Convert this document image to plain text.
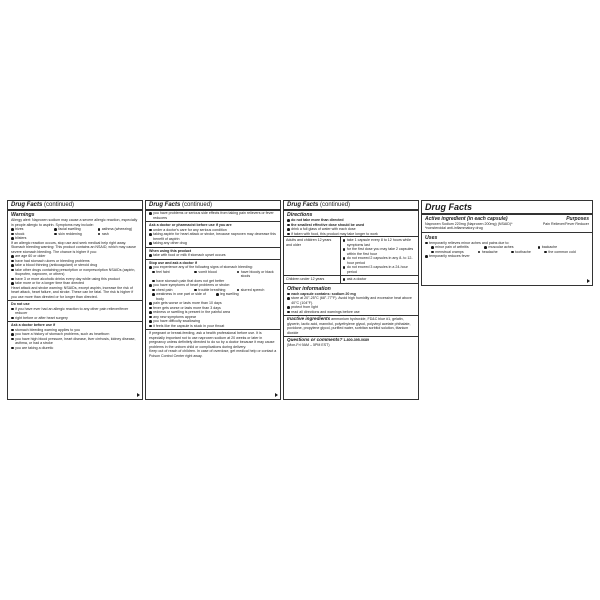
Drug Facts (continued)
Warnings

Allergy alert: Naproxen sodium may cause a severe allergic reaction, especially in people allergic to aspirin. Symptoms may include:

hives	facial swelling	asthma (wheezing)
shock	skin reddening	rash
blisters

If an allergic reaction occurs, stop use and seek medical help right away.

Stomach bleeding warning: This product contains an NSAID, which may cause severe stomach bleeding. The chance is higher if you:

are age 60 or older
have had stomach ulcers or bleeding problems
take a blood thinning (anticoagulant) or steroid drug
take other drugs containing prescription or nonprescription NSAIDs (aspirin, ibuprofen, naproxen, or others)
have 3 or more alcoholic drinks every day while using this product
take more or for a longer time than directed

Heart attack and stroke warning: NSAIDs, except aspirin, increase the risk of heart attack, heart failure, and stroke. These can be fatal. The risk is higher if you use more than directed or for longer than directed.

Do not use

if you have ever had an allergic reaction to any other pain reliever/fever reducer
right before or after heart surgery

Ask a doctor before use if

stomach bleeding warning applies to you
you have a history of stomach problems, such as heartburn
you have high blood pressure, heart disease, liver cirrhosis, kidney disease, asthma, or had a stroke
you are taking a diuretic
Drug Facts (continued)
you have problems or serious side effects from taking pain relievers or fever reducers

Ask a doctor or pharmacist before use if you are

under a doctor's care for any serious condition
taking aspirin for heart attack or stroke, because naproxen may decrease this benefit of aspirin
taking any other drug

When using this product

take with food or milk if stomach upset occurs

Stop use and ask a doctor if

you experience any of the following signs of stomach bleeding:
feel faint	vomit blood	have bloody or black stools
have stomach pain that does not get better
you have symptoms of heart problems or stroke:
chest pain	trouble breathing	slurred speech
weakness in one part or side of body
leg swelling
pain gets worse or lasts more than 10 days
fever gets worse or lasts more than 3 days
redness or swelling is present in the painful area
any new symptoms appear
you have difficulty swallowing
it feels like the capsule is stuck in your throat

If pregnant or breast-feeding, ask a health professional before use. It is especially important not to use naproxen sodium at 20 weeks or later in pregnancy unless definitely directed to do so by a doctor because it may cause problems in the unborn child or complications during delivery.

Keep out of reach of children. In case of overdose, get medical help or contact a Poison Control Center right away.

Drug Facts (continued)
Directions
do not take more than directed
the smallest effective dose should be used
drink a full glass of water with each dose
if taken with food, this product may take longer to work
Adults and children 12 years and older	take 1 capsule every 8 to 12 hours while symptoms last
for the first dose you may take 2 capsules within the first hour
do not exceed 2 capsules in any 8- to 12-hour period
do not exceed 3 capsules in a 24-hour period

Children under 12 years	ask a doctor
Other information
each capsule contains: sodium 20 mg
store at 20°-25°C (68°-77°F). Avoid high humidity and excessive heat above 40°C (104°F).
protect from light
read all directions and warnings before use

Inactive ingredients ammonium hydroxide, FD&C blue #1, gelatin, glycerin, lactic acid, mannitol, polyethylene glycol, polyvinyl acetate phthalate, povidone, propylene glycol, purified water, sorbitan sorbitol solution, titanium dioxide

Questions or comments? 1-800-395-0689

(Mon-Fri 9AM – 5PM EST)

Drug Facts
Active ingredient (in each capsule)	Purposes
Naproxen Sodium 220mg (Naproxen 200mg) (NSAID)*	Pain Reliever/Fever Reducer
*nonsteroidal anti-inflammatory drug
Uses
temporarily relieves minor aches and pains due to:
minor pain of arthritis	muscular aches	backache
menstrual cramps	headache	toothache	the common cold
temporarily reduces fever
